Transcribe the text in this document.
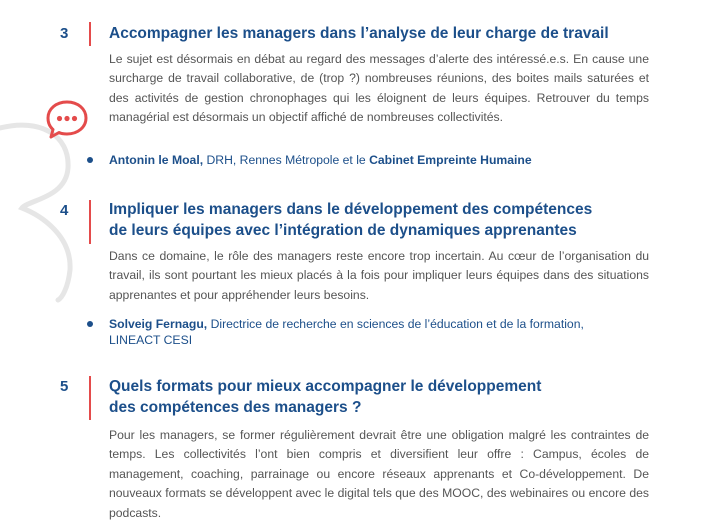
3	Accompagner les managers dans l’analyse de leur charge de travail

Le sujet est désormais en débat au regard des messages d’alerte des intéressé.e.s. En cause une surcharge de travail collaborative, de (trop ?) nombreuses réunions, des boites mails saturées et des activités de gestion chronophages qui les éloignent de leurs équipes. Retrouver du temps managérial est désormais un objectif affiché de nombreuses collectivités.

Antonin le Moal, DRH, Rennes Métropole et le Cabinet Empreinte Humaine

4	Impliquer les managers dans le développement des compétences
de leurs équipes avec l’intégration de dynamiques apprenantes

Dans ce domaine, le rôle des managers reste encore trop incertain. Au cœur de l’organisation du travail, ils sont pourtant les mieux placés à la fois pour impliquer leurs équipes dans des situations apprenantes et pour appréhender leurs besoins.

Solveig Fernagu, Directrice de recherche en sciences de l’éducation et de la formation,
LINEACT CESI

5	Quels formats pour mieux accompagner le développement
des compétences des managers ?

Pour les managers, se former régulièrement devrait être une obligation malgré les contraintes de temps. Les collectivités l’ont bien compris et diversifient leur offre : Campus, écoles de management, coaching, parrainage ou encore réseaux apprenants et Co-développement. De nouveaux formats se développent avec le digital tels que des MOOC, des webinaires ou encore des podcasts.
